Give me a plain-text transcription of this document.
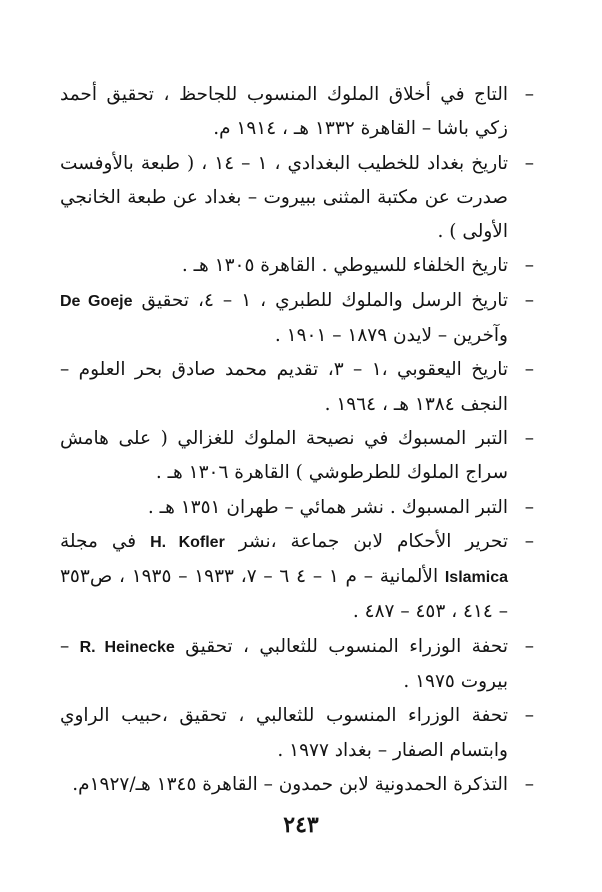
–
التاج في أخلاق الملوك المنسوب للجاحظ ، تحقيق أحمد زكي باشا – القاهرة ١٣٣٢ هـ ، ١٩١٤ م.

–
تاريخ بغداد للخطيب البغدادي ، ١ – ١٤ ، ( طبعة بالأوفست صدرت عن مكتبة المثنى ببيروت – بغداد عن طبعة الخانجي الأولى ) .

–
تاريخ الخلفاء للسيوطي . القاهرة ١٣٠٥ هـ .

–
تاريخ الرسل والملوك للطبري ، ١ – ٤، تحقيق De Goeje وآخرين – لايدن ١٨٧٩ – ١٩٠١ .

–
تاريخ اليعقوبي ،١ – ٣، تقديم محمد صادق بحر العلوم – النجف ١٣٨٤ هـ ، ١٩٦٤ .

–
التبر المسبوك في نصيحة الملوك للغزالي ( على هامش سراج الملوك للطرطوشي ) القاهرة ١٣٠٦ هـ .

–
التبر المسبوك . نشر همائي – طهران ١٣٥١ هـ .

–
تحرير الأحكام لابن جماعة ،نشر H. Kofler في مجلة Islamica الألمانية – م ١ – ٤ ٦ – ٧، ١٩٣٣ – ١٩٣٥ ، ص٣٥٣ – ٤١٤ ، ٤٥٣ – ٤٨٧ .

–
تحفة الوزراء المنسوب للثعالبي ، تحقيق R. Heinecke – بيروت ١٩٧٥ .

–
تحفة الوزراء المنسوب للثعالبي ، تحقيق ،حبيب الراوي وابتسام الصفار – بغداد ١٩٧٧ .

–
التذكرة الحمدونية لابن حمدون – القاهرة ١٣٤٥ هـ/١٩٢٧م.

٢٤٣
